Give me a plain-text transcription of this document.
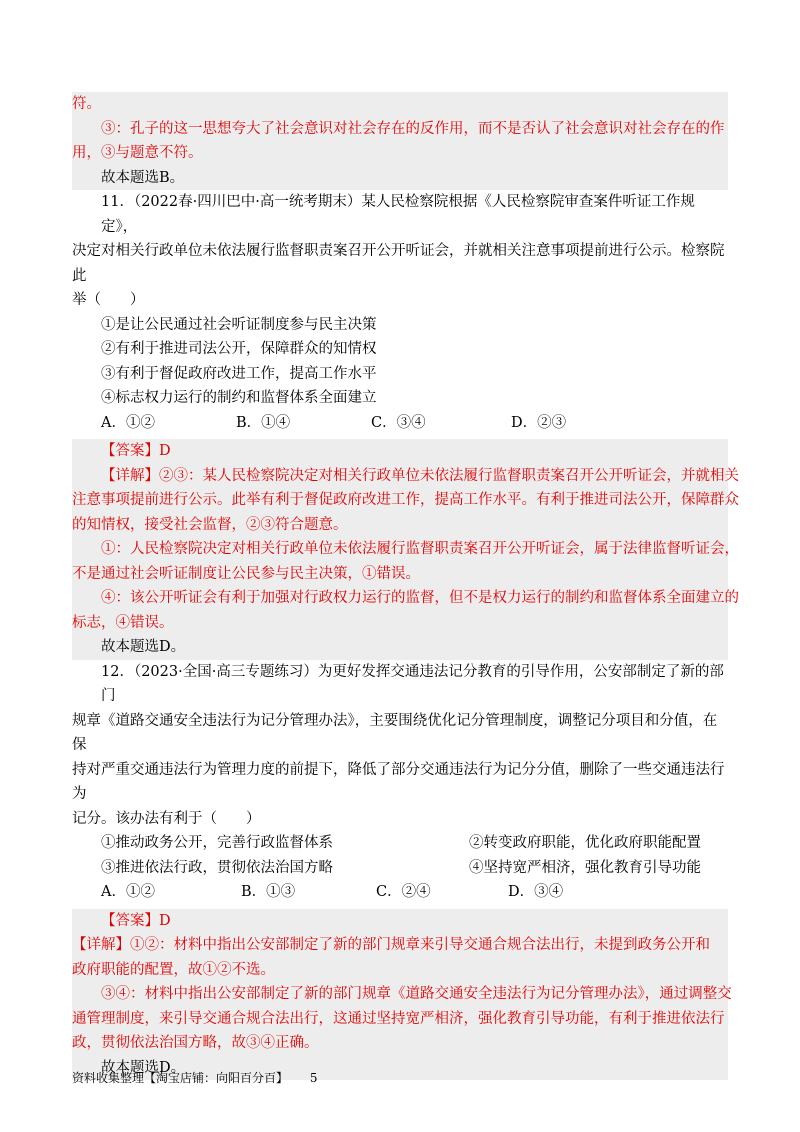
符。
③：孔子的这一思想夸大了社会意识对社会存在的反作用，而不是否认了社会意识对社会存在的作
用，③与题意不符。
故本题选B。
11．（2022春·四川巴中·高一统考期末）某人民检察院根据《人民检察院审查案件听证工作规定》，
决定对相关行政单位未依法履行监督职责案召开公开听证会，并就相关注意事项提前进行公示。检察院此
举（　　）
①是让公民通过社会听证制度参与民主决策
②有利于推进司法公开，保障群众的知情权
③有利于督促政府改进工作，提高工作水平
④标志权力运行的制约和监督体系全面建立
A．①②	B．①④	C．③④	D．②③
【答案】D
【详解】②③：某人民检察院决定对相关行政单位未依法履行监督职责案召开公开听证会，并就相关
注意事项提前进行公示。此举有利于督促政府改进工作，提高工作水平。有利于推进司法公开，保障群众
的知情权，接受社会监督，②③符合题意。
①：人民检察院决定对相关行政单位未依法履行监督职责案召开公开听证会，属于法律监督听证会，
不是通过社会听证制度让公民参与民主决策，①错误。
④：该公开听证会有利于加强对行政权力运行的监督，但不是权力运行的制约和监督体系全面建立的
标志，④错误。
故本题选D。
12．（2023·全国·高三专题练习）为更好发挥交通违法记分教育的引导作用，公安部制定了新的部门
规章《道路交通安全违法行为记分管理办法》，主要围绕优化记分管理制度，调整记分项目和分值，在保
持对严重交通违法行为管理力度的前提下，降低了部分交通违法行为记分分值，删除了一些交通违法行为
记分。该办法有利于（　　）
①推动政务公开，完善行政监督体系	②转变政府职能，优化政府职能配置
③推进依法行政，贯彻依法治国方略	④坚持宽严相济，强化教育引导功能
A．①②	B．①③	C．②④	D．③④
【答案】D
【详解】①②：材料中指出公安部制定了新的部门规章来引导交通合规合法出行，未提到政务公开和
政府职能的配置，故①②不选。
③④：材料中指出公安部制定了新的部门规章《道路交通安全违法行为记分管理办法》，通过调整交
通管理制度，来引导交通合规合法出行，这通过坚持宽严相济，强化教育引导功能，有利于推进依法行
政，贯彻依法治国方略，故③④正确。
故本题选D。
资料收集整理【淘宝店铺：向阳百分百】 5
